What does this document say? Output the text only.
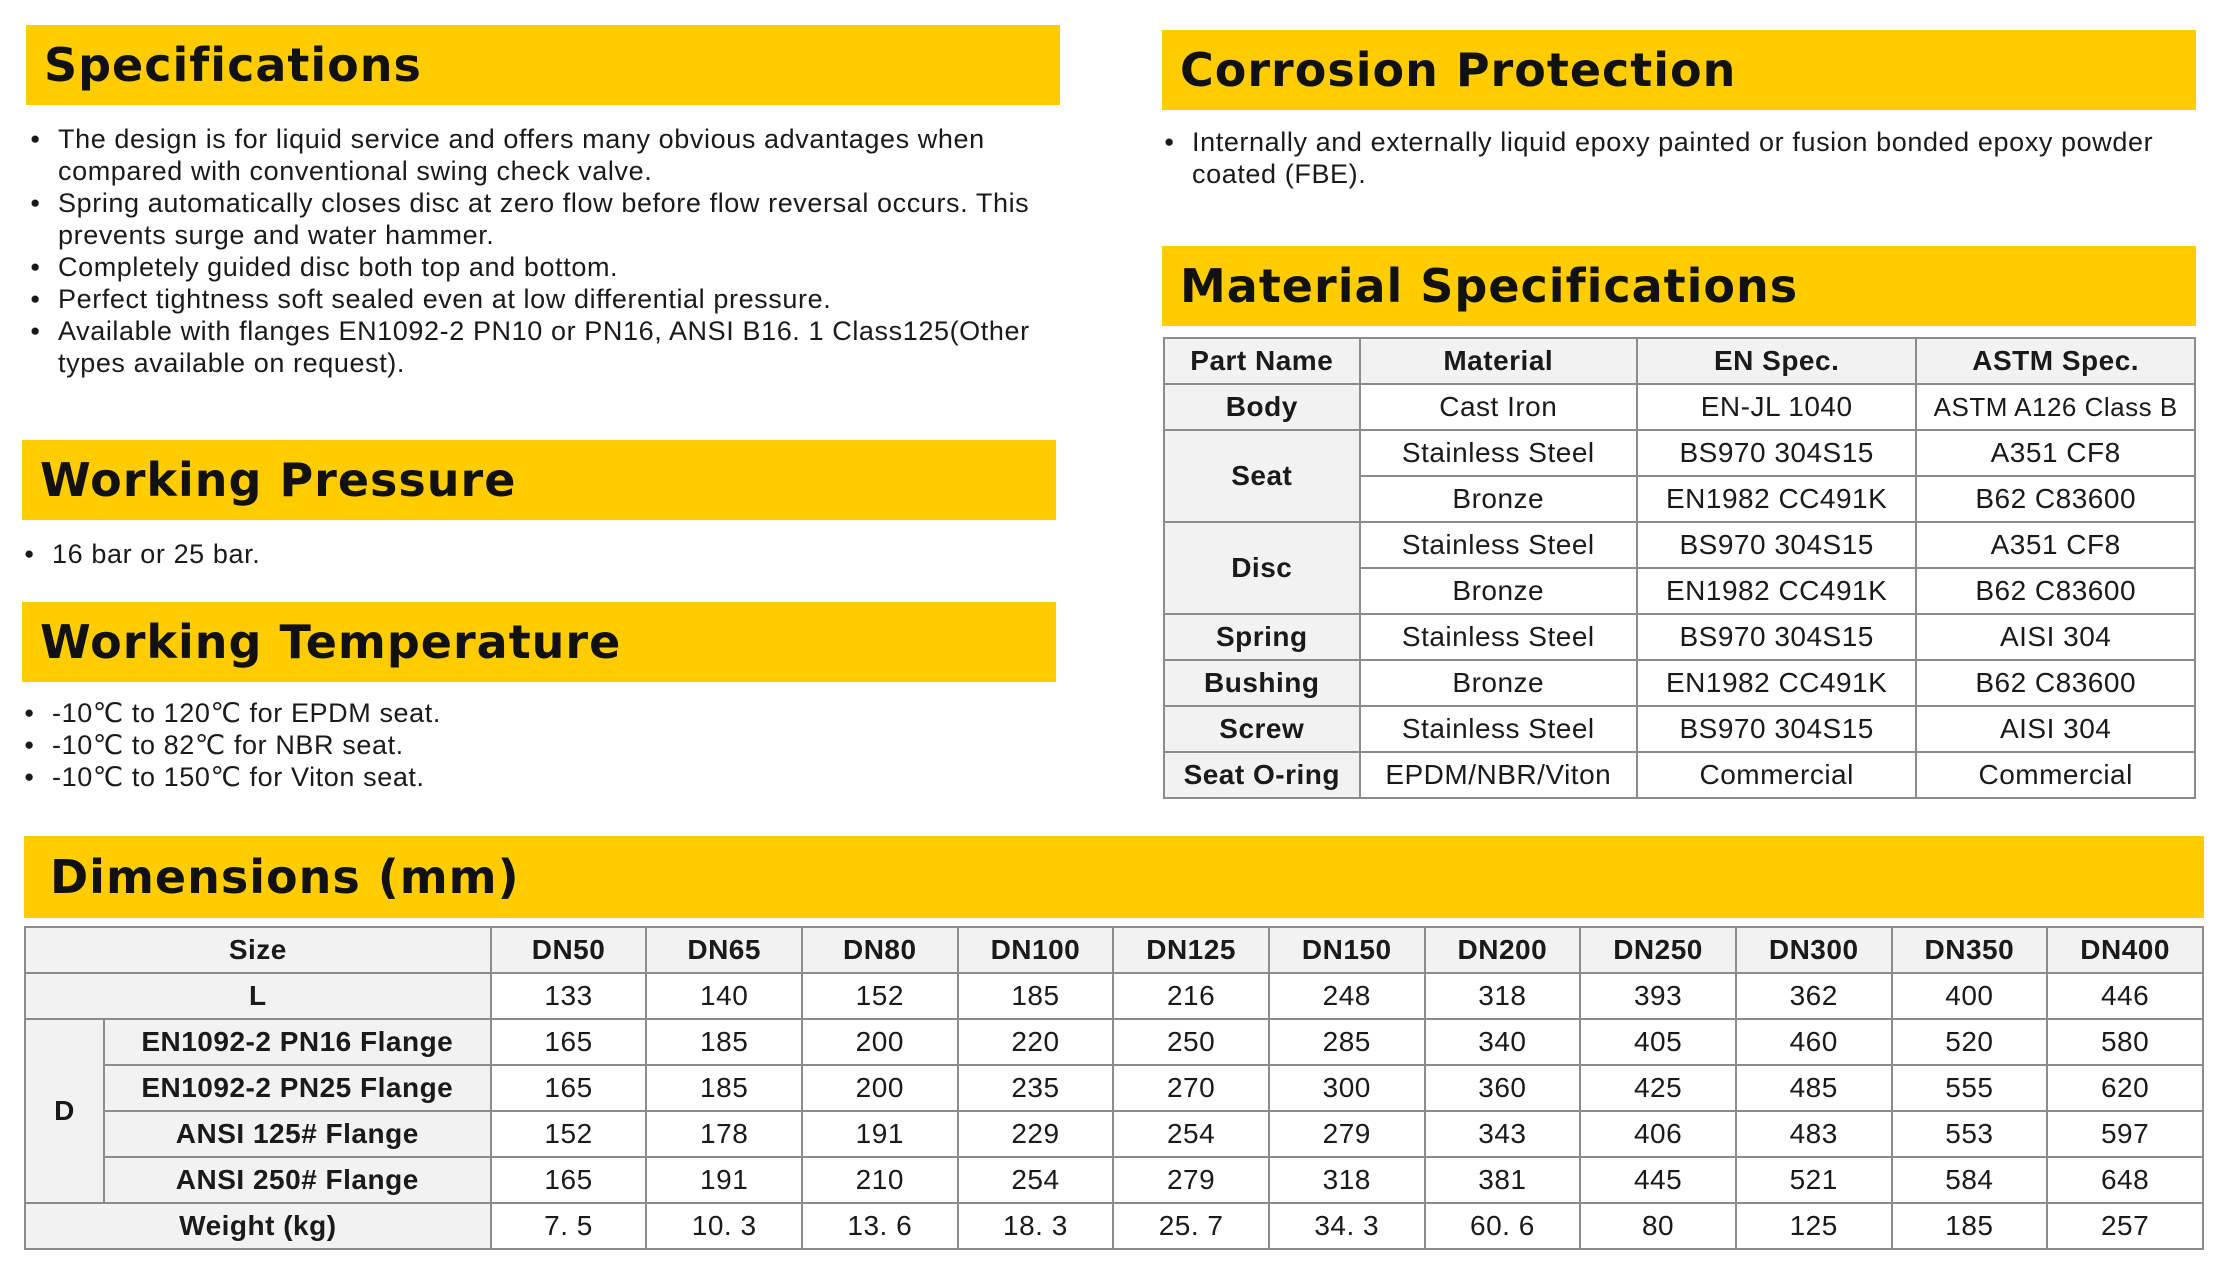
Specifications
● The design is for liquid service and offers many obvious advantages when compared with conventional swing check valve.
● Spring automatically closes disc at zero flow before flow reversal occurs. This prevents surge and water hammer.
● Completely guided disc both top and bottom.
● Perfect tightness soft sealed even at low differential pressure.
● Available with flanges EN1092-2 PN10 or PN16, ANSI B16. 1 Class125(Other types available on request).
Working Pressure
● 16 bar or 25 bar.
Working Temperature
● -10℃ to 120℃ for EPDM seat.
● -10℃ to 82℃ for NBR seat.
● -10℃ to 150℃ for Viton seat.
Corrosion Protection
● Internally and externally liquid epoxy painted or fusion bonded epoxy powder coated (FBE).
Material Specifications
Part Name	Material	EN Spec.	ASTM Spec.
Body	Cast Iron	EN-JL 1040	ASTM A126 Class B
Seat	Stainless Steel	BS970 304S15	A351 CF8
	Bronze	EN1982 CC491K	B62 C83600
Disc	Stainless Steel	BS970 304S15	A351 CF8
	Bronze	EN1982 CC491K	B62 C83600
Spring	Stainless Steel	BS970 304S15	AISI 304
Bushing	Bronze	EN1982 CC491K	B62 C83600
Screw	Stainless Steel	BS970 304S15	AISI 304
Seat O-ring	EPDM/NBR/Viton	Commercial	Commercial
Dimensions (mm)
Size		DN50	DN65	DN80	DN100	DN125	DN150	DN200	DN250	DN300	DN350	DN400
L		133	140	152	185	216	248	318	393	362	400	446
D	EN1092-2 PN16 Flange	165	185	200	220	250	285	340	405	460	520	580
	EN1092-2 PN25 Flange	165	185	200	235	270	300	360	425	485	555	620
	ANSI 125# Flange	152	178	191	229	254	279	343	406	483	553	597
	ANSI 250# Flange	165	191	210	254	279	318	381	445	521	584	648
Weight (kg)		7. 5	10. 3	13. 6	18. 3	25. 7	34. 3	60. 6	80	125	185	257
